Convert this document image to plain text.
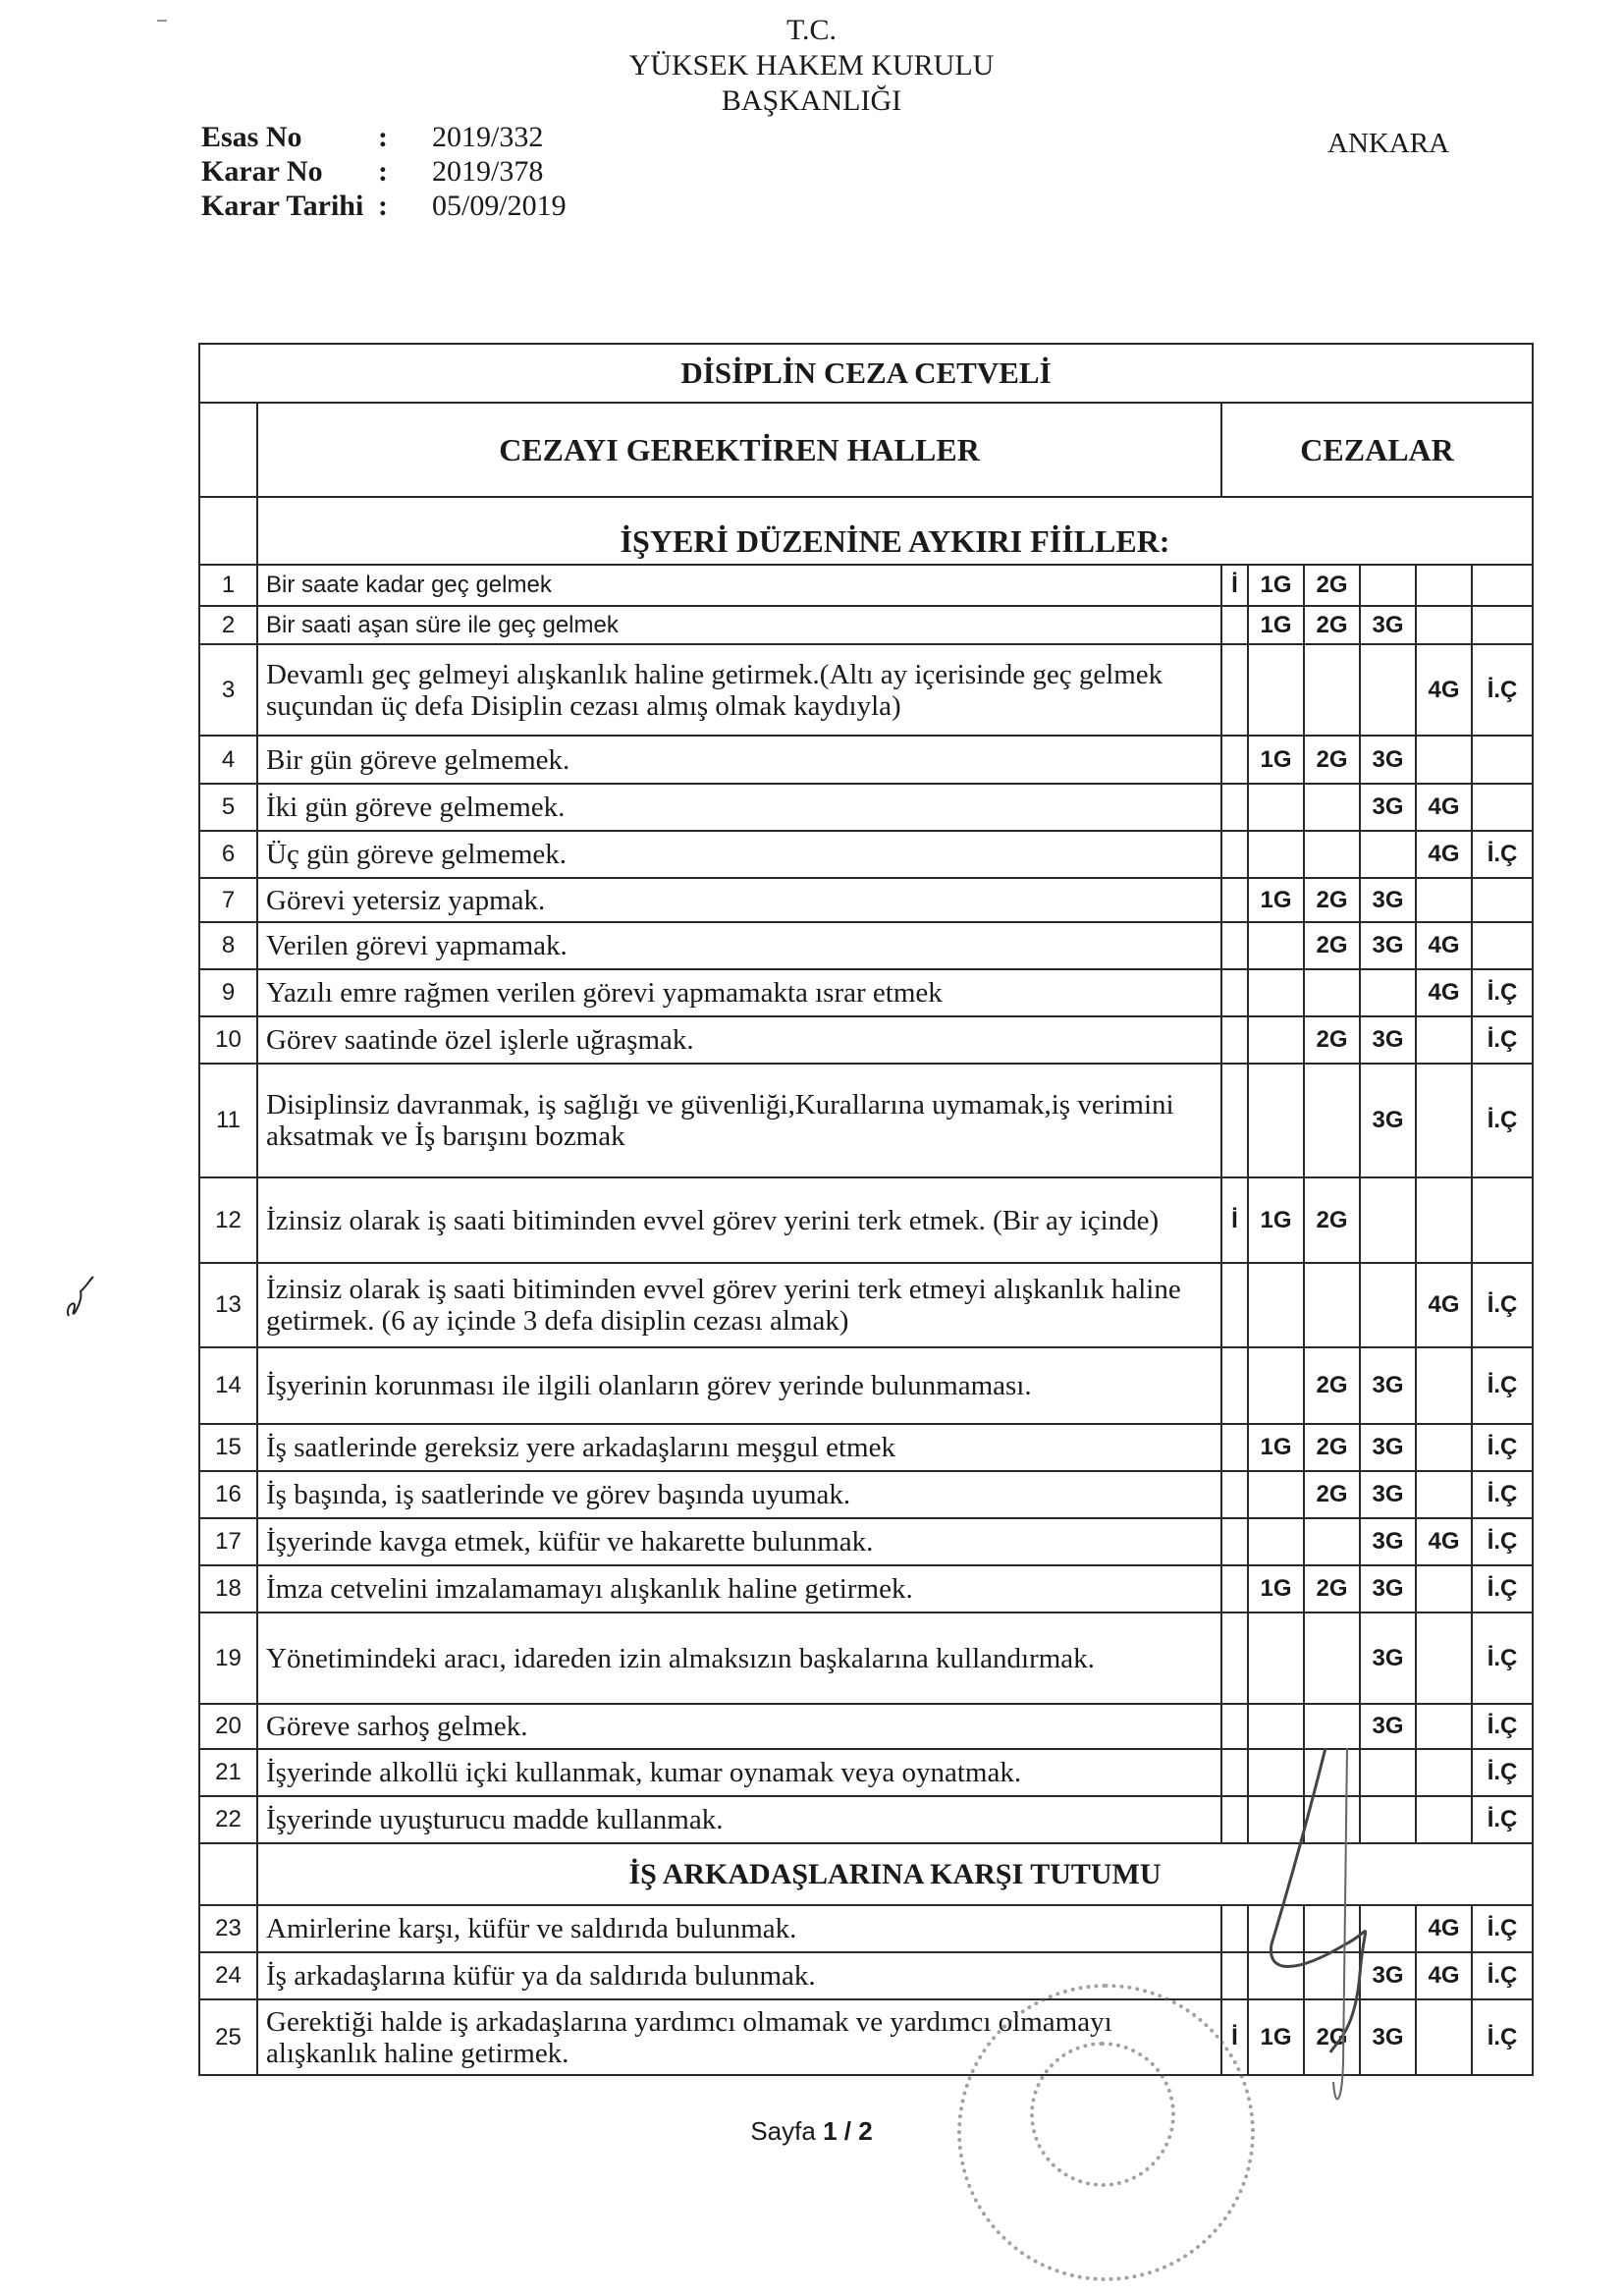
T.C.
YÜKSEK HAKEM KURULU
BAŞKANLIĞI
Esas No	:	2019/332
Karar No	:	2019/378
Karar Tarihi :	05/09/2019
ANKARA
DİSİPLİN CEZA CETVELİ							
	CEZAYI GEREKTİREN HALLER	CEZALAR					
	İŞYERİ DÜZENİNE AYKIRI FİİLLER:						
1	Bir saate kadar geç gelmek	İ	1G	2G			
2	Bir saati aşan süre ile geç gelmek		1G	2G	3G		
3	Devamlı geç gelmeyi alışkanlık haline getirmek.(Altı ay içerisinde geç gelmek suçundan üç defa Disiplin cezası almış olmak kaydıyla)					4G	İ.Ç
4	Bir gün göreve gelmemek.		1G	2G	3G		
5	İki gün göreve gelmemek.				3G	4G	
6	Üç gün göreve gelmemek.					4G	İ.Ç
7	Görevi yetersiz yapmak.		1G	2G	3G		
8	Verilen görevi yapmamak.			2G	3G	4G	
9	Yazılı emre rağmen verilen görevi yapmamakta ısrar etmek					4G	İ.Ç
10	Görev saatinde özel işlerle uğraşmak.			2G	3G		İ.Ç
11	Disiplinsiz davranmak, iş sağlığı ve güvenliği,Kurallarına uymamak,iş verimini aksatmak ve İş barışını bozmak				3G		İ.Ç
12	İzinsiz olarak iş saati bitiminden evvel görev yerini terk etmek. (Bir ay içinde)	İ	1G	2G			
13	İzinsiz olarak iş saati bitiminden evvel görev yerini terk etmeyi alışkanlık haline getirmek. (6 ay içinde 3 defa disiplin cezası almak)					4G	İ.Ç
14	İşyerinin korunması ile ilgili olanların görev yerinde bulunmaması.			2G	3G		İ.Ç
15	İş saatlerinde gereksiz yere arkadaşlarını meşgul etmek		1G	2G	3G		İ.Ç
16	İş başında, iş saatlerinde ve görev başında uyumak.			2G	3G		İ.Ç
17	İşyerinde kavga etmek, küfür ve hakarette bulunmak.				3G	4G	İ.Ç
18	İmza cetvelini imzalamamayı alışkanlık haline getirmek.		1G	2G	3G		İ.Ç
19	Yönetimindeki aracı, idareden izin almaksızın başkalarına kullandırmak.				3G		İ.Ç
20	Göreve sarhoş gelmek.				3G		İ.Ç
21	İşyerinde alkollü içki kullanmak, kumar oynamak veya oynatmak.						İ.Ç
22	İşyerinde uyuşturucu madde kullanmak.						İ.Ç
	İŞ ARKADAŞLARINA KARŞI TUTUMU						
23	Amirlerine karşı, küfür ve saldırıda bulunmak.					4G	İ.Ç
24	İş arkadaşlarına küfür ya da saldırıda bulunmak.				3G	4G	İ.Ç
25	Gerektiği halde iş arkadaşlarına yardımcı olmamak ve yardımcı olmamayı alışkanlık haline getirmek.	İ	1G	2G	3G		İ.Ç
Sayfa 1 / 2
